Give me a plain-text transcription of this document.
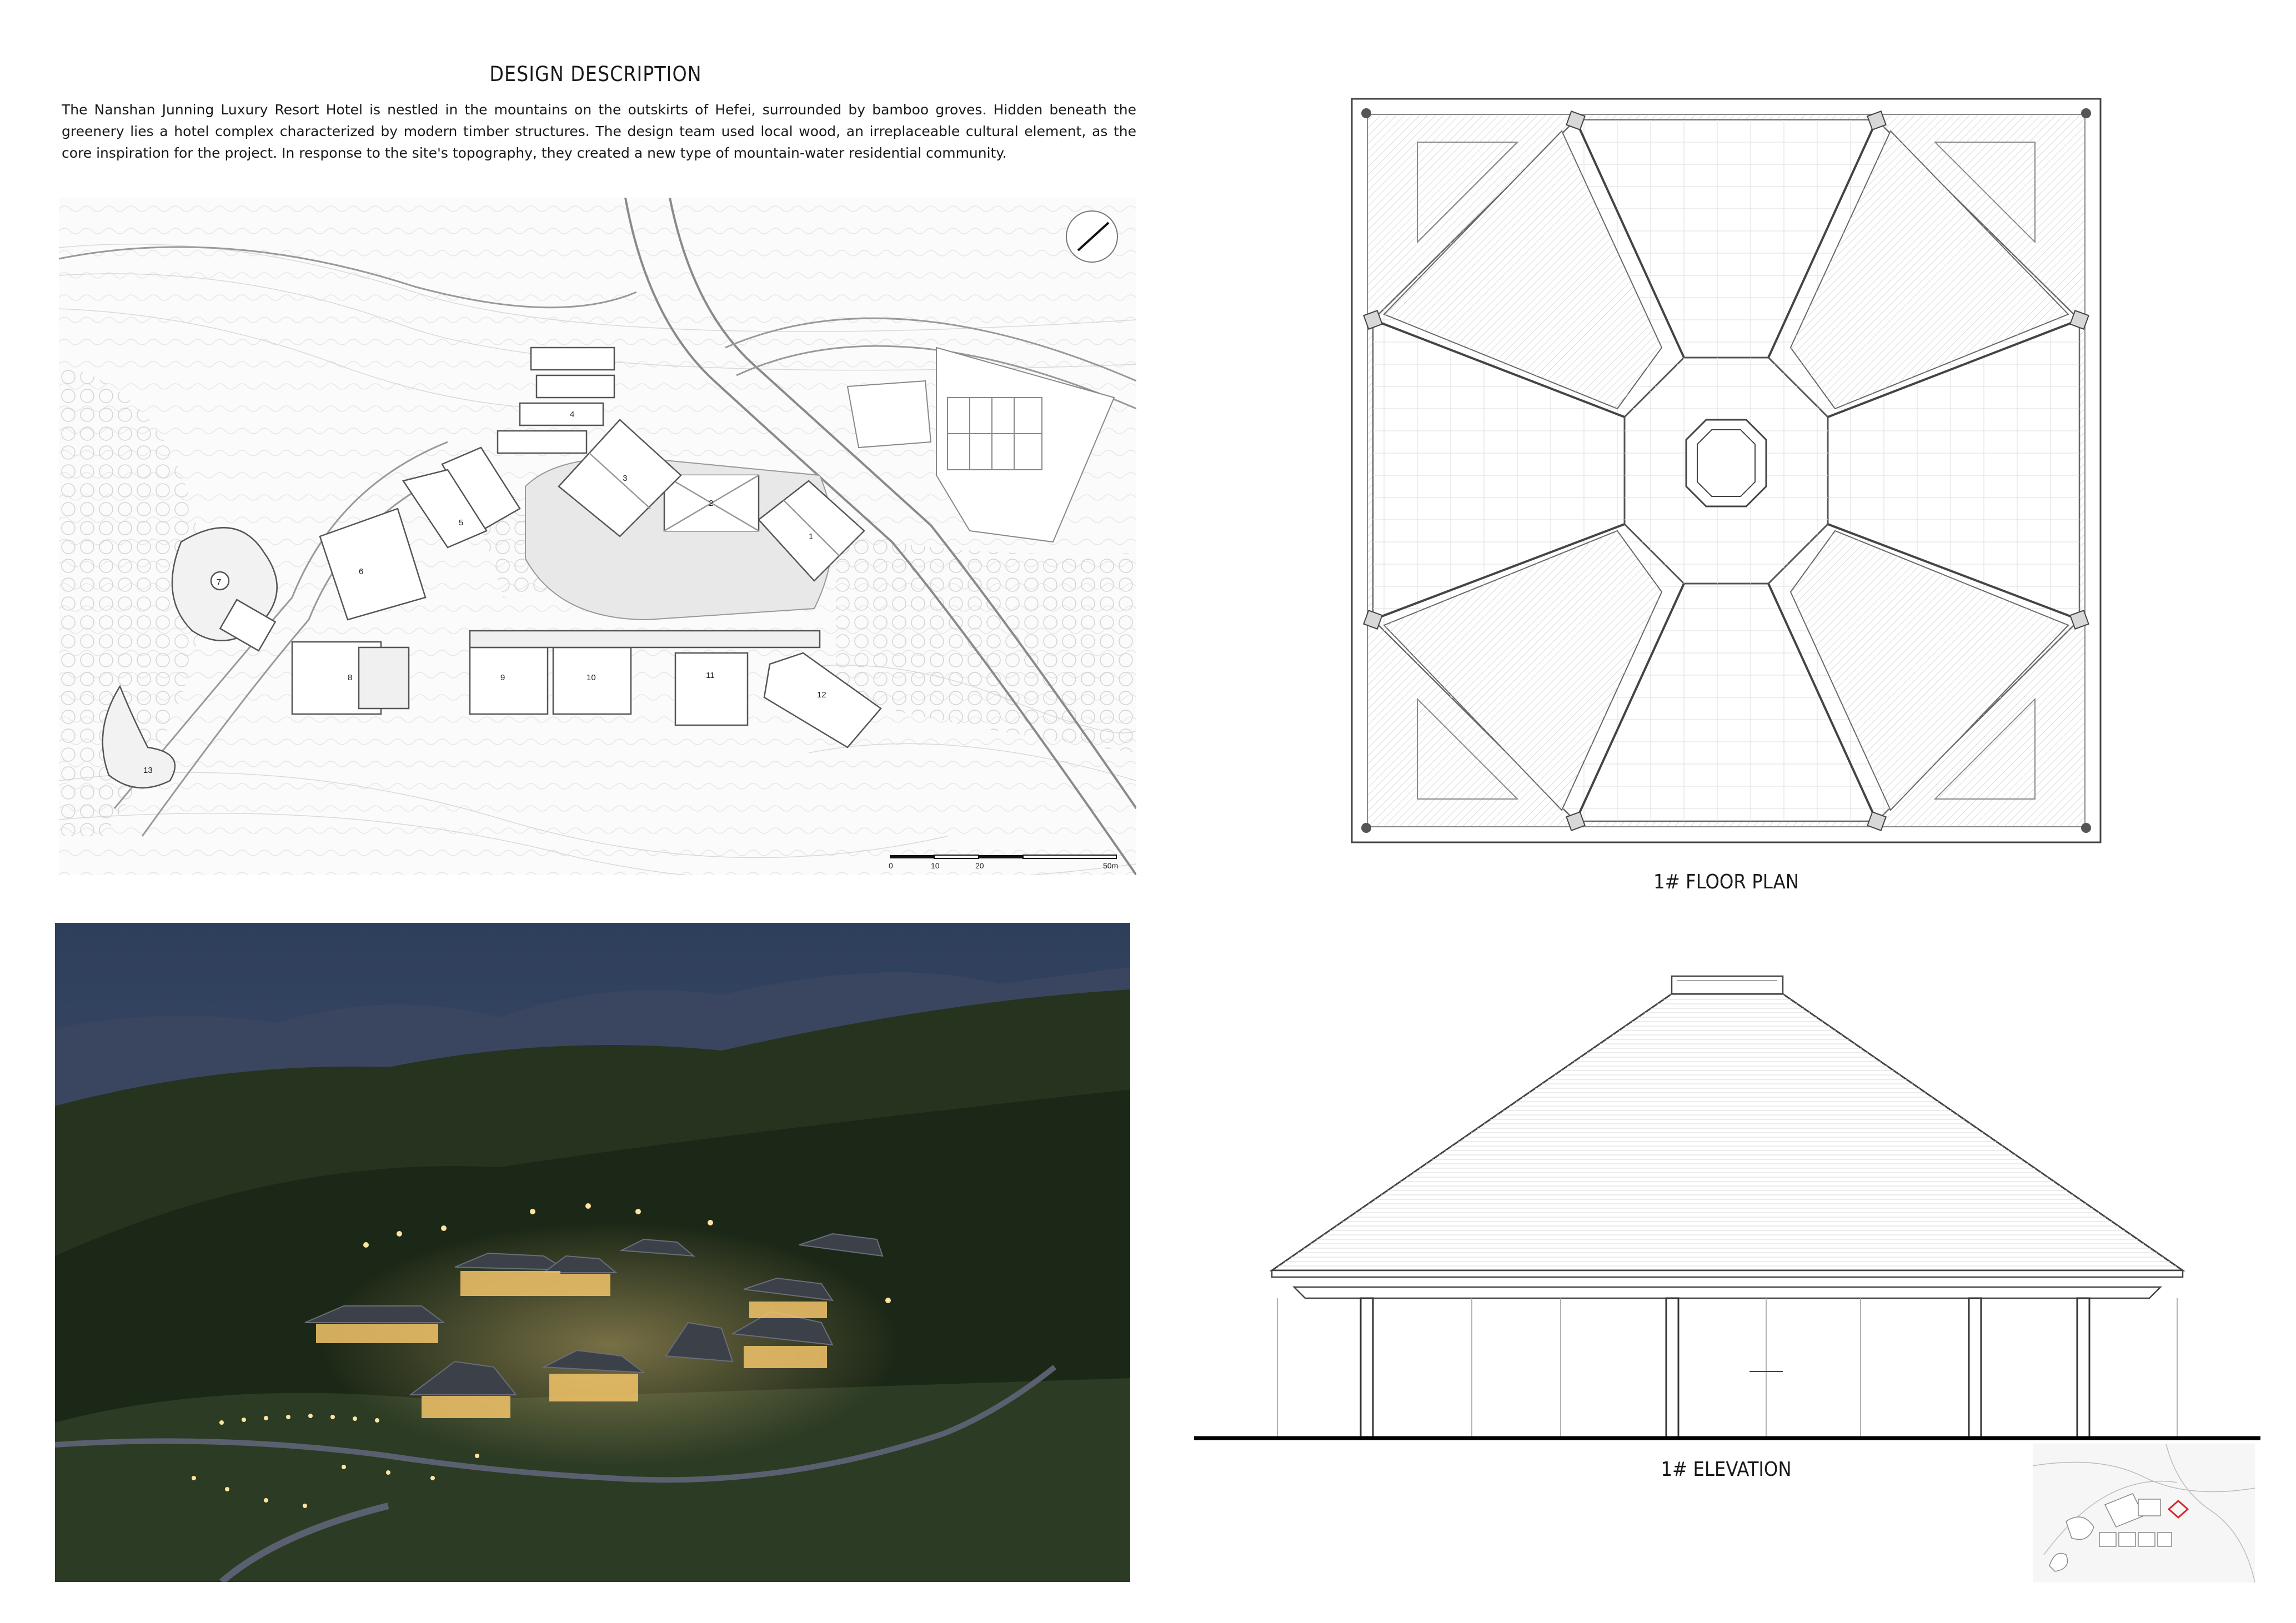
DESIGN DESCRIPTION
The Nanshan Junning Luxury Resort Hotel is nestled in the mountains on the outskirts of Hefei, surrounded by bamboo groves. Hidden beneath the greenery lies a hotel complex characterized by modern timber structures. The design team used local wood, an irreplaceable cultural element, as the core inspiration for the project. In response to the site's topography, they created a new type of mountain-water residential community.
1
2
3
4
5
6
7
8	9	10	11
12
13
0	10	20	50m
1# FLOOR PLAN
1# ELEVATION
